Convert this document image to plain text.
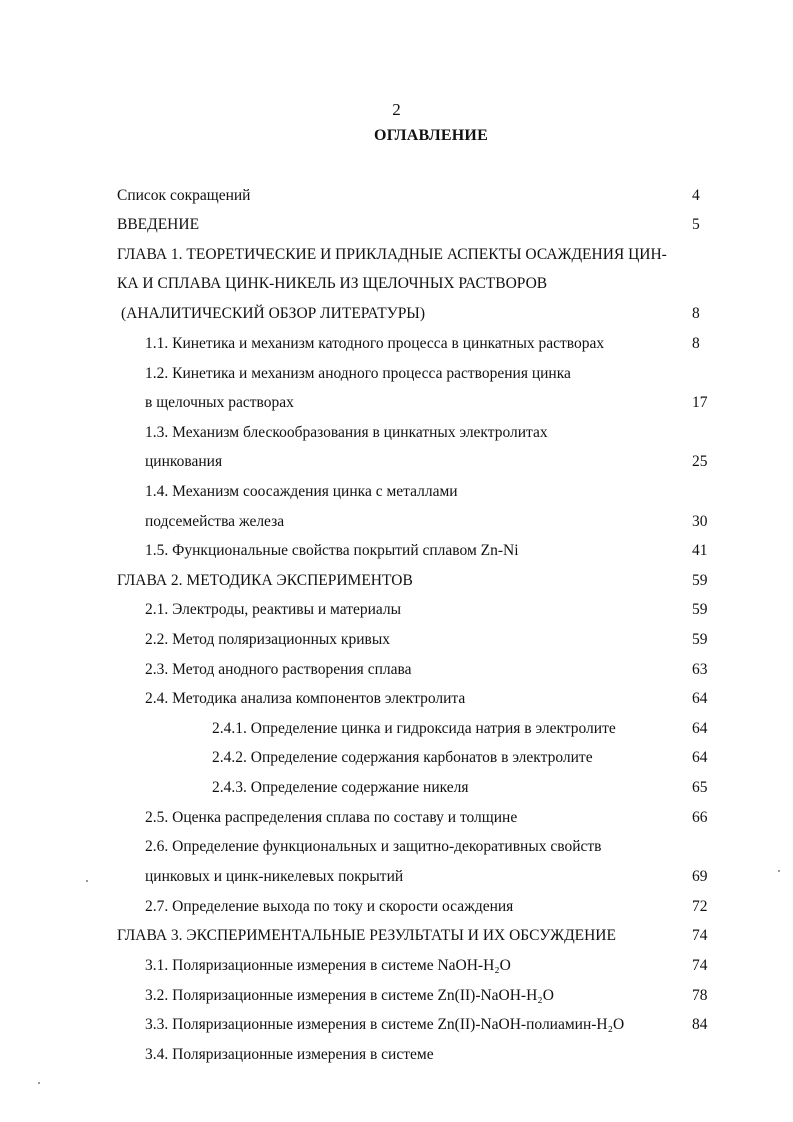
2
ОГЛАВЛЕНИЕ
Список сокращений
ВВЕДЕНИЕ
ГЛАВА 1. ТЕОРЕТИЧЕСКИЕ И ПРИКЛАДНЫЕ АСПЕКТЫ ОСАЖДЕНИЯ ЦИН-
КА И СПЛАВА ЦИНК-НИКЕЛЬ ИЗ ЩЕЛОЧНЫХ РАСТВОРОВ
(АНАЛИТИЧЕСКИЙ ОБЗОР ЛИТЕРАТУРЫ)
1.1. Кинетика и механизм катодного процесса в цинкатных растворах
1.2. Кинетика и механизм анодного процесса растворения цинка
в щелочных растворах
1.3. Механизм блескообразования в цинкатных электролитах
цинкования
1.4. Механизм соосаждения цинка с металлами
подсемейства железа
1.5. Функциональные свойства покрытий сплавом Zn-Ni
ГЛАВА 2. МЕТОДИКА ЭКСПЕРИМЕНТОВ
2.1. Электроды, реактивы и материалы
2.2. Метод поляризационных кривых
2.3. Метод анодного растворения сплава
2.4. Методика анализа компонентов электролита
2.4.1. Определение цинка и гидроксида натрия в электролите
2.4.2. Определение содержания карбонатов в электролите
2.4.3. Определение содержание никеля
2.5. Оценка распределения сплава по составу и толщине
2.6. Определение функциональных и защитно-декоративных свойств
цинковых и цинк-никелевых покрытий
2.7. Определение выхода по току и скорости осаждения
ГЛАВА 3. ЭКСПЕРИМЕНТАЛЬНЫЕ РЕЗУЛЬТАТЫ И ИХ ОБСУЖДЕНИЕ
3.1. Поляризационные измерения в системе NaOH-H₂O
3.2. Поляризационные измерения в системе Zn(II)-NaOH-H₂O
3.3. Поляризационные измерения в системе Zn(II)-NaOH-полиамин-H₂O
3.4. Поляризационные измерения в системе
4
5
8
8
17
25
30
41
59
59
59
63
64
64
64
65
66
69
72
74
74
78
84
